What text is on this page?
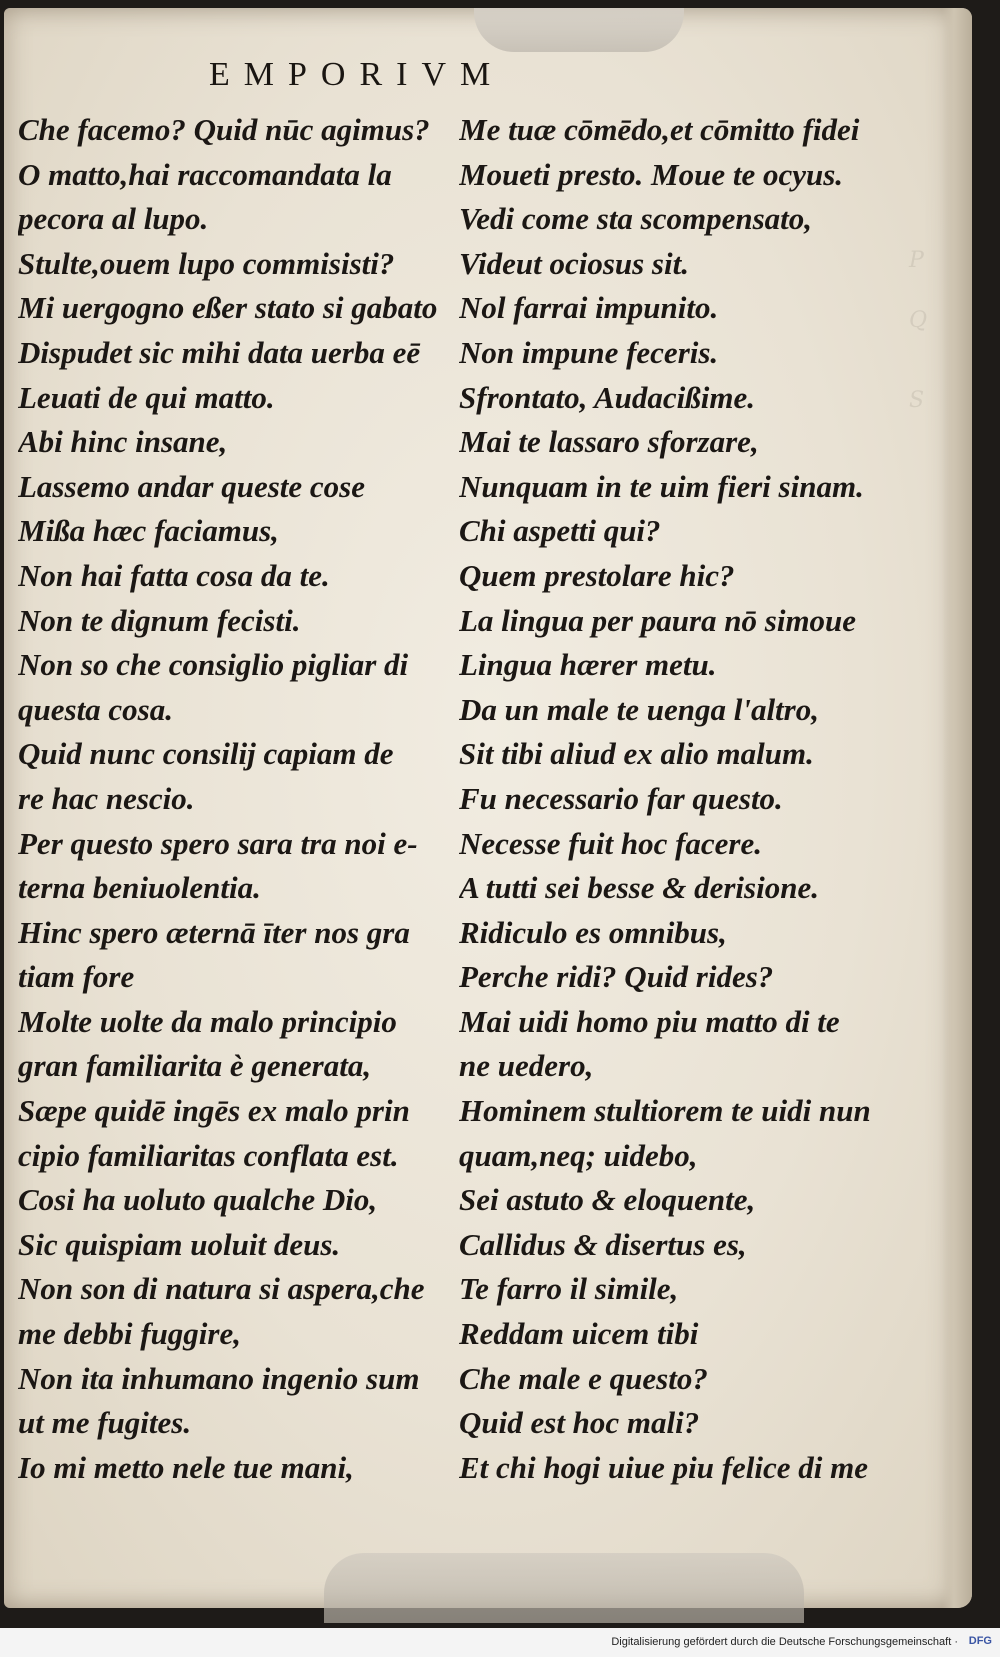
P
Q
S
EMPORIVM
Che facemo? Quid nūc agimus?
O matto,hai raccomandata la
pecora al lupo.
Stulte,ouem lupo commisisti?
Mi uergogno eßer stato si gabato
Dispudet sic mihi data uerba eē
Leuati de qui matto.
Abi hinc insane,
Lassemo andar queste cose
Mißa hæc faciamus,
Non hai fatta cosa da te.
Non te dignum fecisti.
Non so che consiglio pigliar di
questa cosa.
Quid nunc consilij capiam de
re hac nescio.
Per questo spero sara tra noi e-
terna beniuolentia.
Hinc spero æternā īter nos gra
tiam fore
Molte uolte da malo principio
gran familiarita è generata,
Sæpe quidē ingēs ex malo prin
cipio familiaritas conflata est.
Cosi ha uoluto qualche Dio,
Sic quispiam uoluit deus.
Non son di natura si aspera,che
me debbi fuggire,
Non ita inhumano ingenio sum
ut me fugites.
Io mi metto nele tue mani,
Me tuæ cōmēdo,et cōmitto fidei
Moueti presto. Moue te ocyus.
Vedi come sta scompensato,
Videut ociosus sit.
Nol farrai impunito.
Non impune feceris.
Sfrontato, Audacißime.
Mai te lassaro sforzare,
Nunquam in te uim fieri sinam.
Chi aspetti qui?
Quem prestolare hic?
La lingua per paura nō simoue
Lingua hærer metu.
Da un male te uenga l'altro,
Sit tibi aliud ex alio malum.
Fu necessario far questo.
Necesse fuit hoc facere.
A tutti sei besse & derisione.
Ridiculo es omnibus,
Perche ridi? Quid rides?
Mai uidi homo piu matto di te
ne uedero,
Hominem stultiorem te uidi nun
quam,neq; uidebo,
Sei astuto & eloquente,
Callidus & disertus es,
Te farro il simile,
Reddam uicem tibi
Che male e questo?
Quid est hoc mali?
Et chi hogi uiue piu felice di me
Digitalisierung gefördert durch die Deutsche Forschungsgemeinschaft · DFG
